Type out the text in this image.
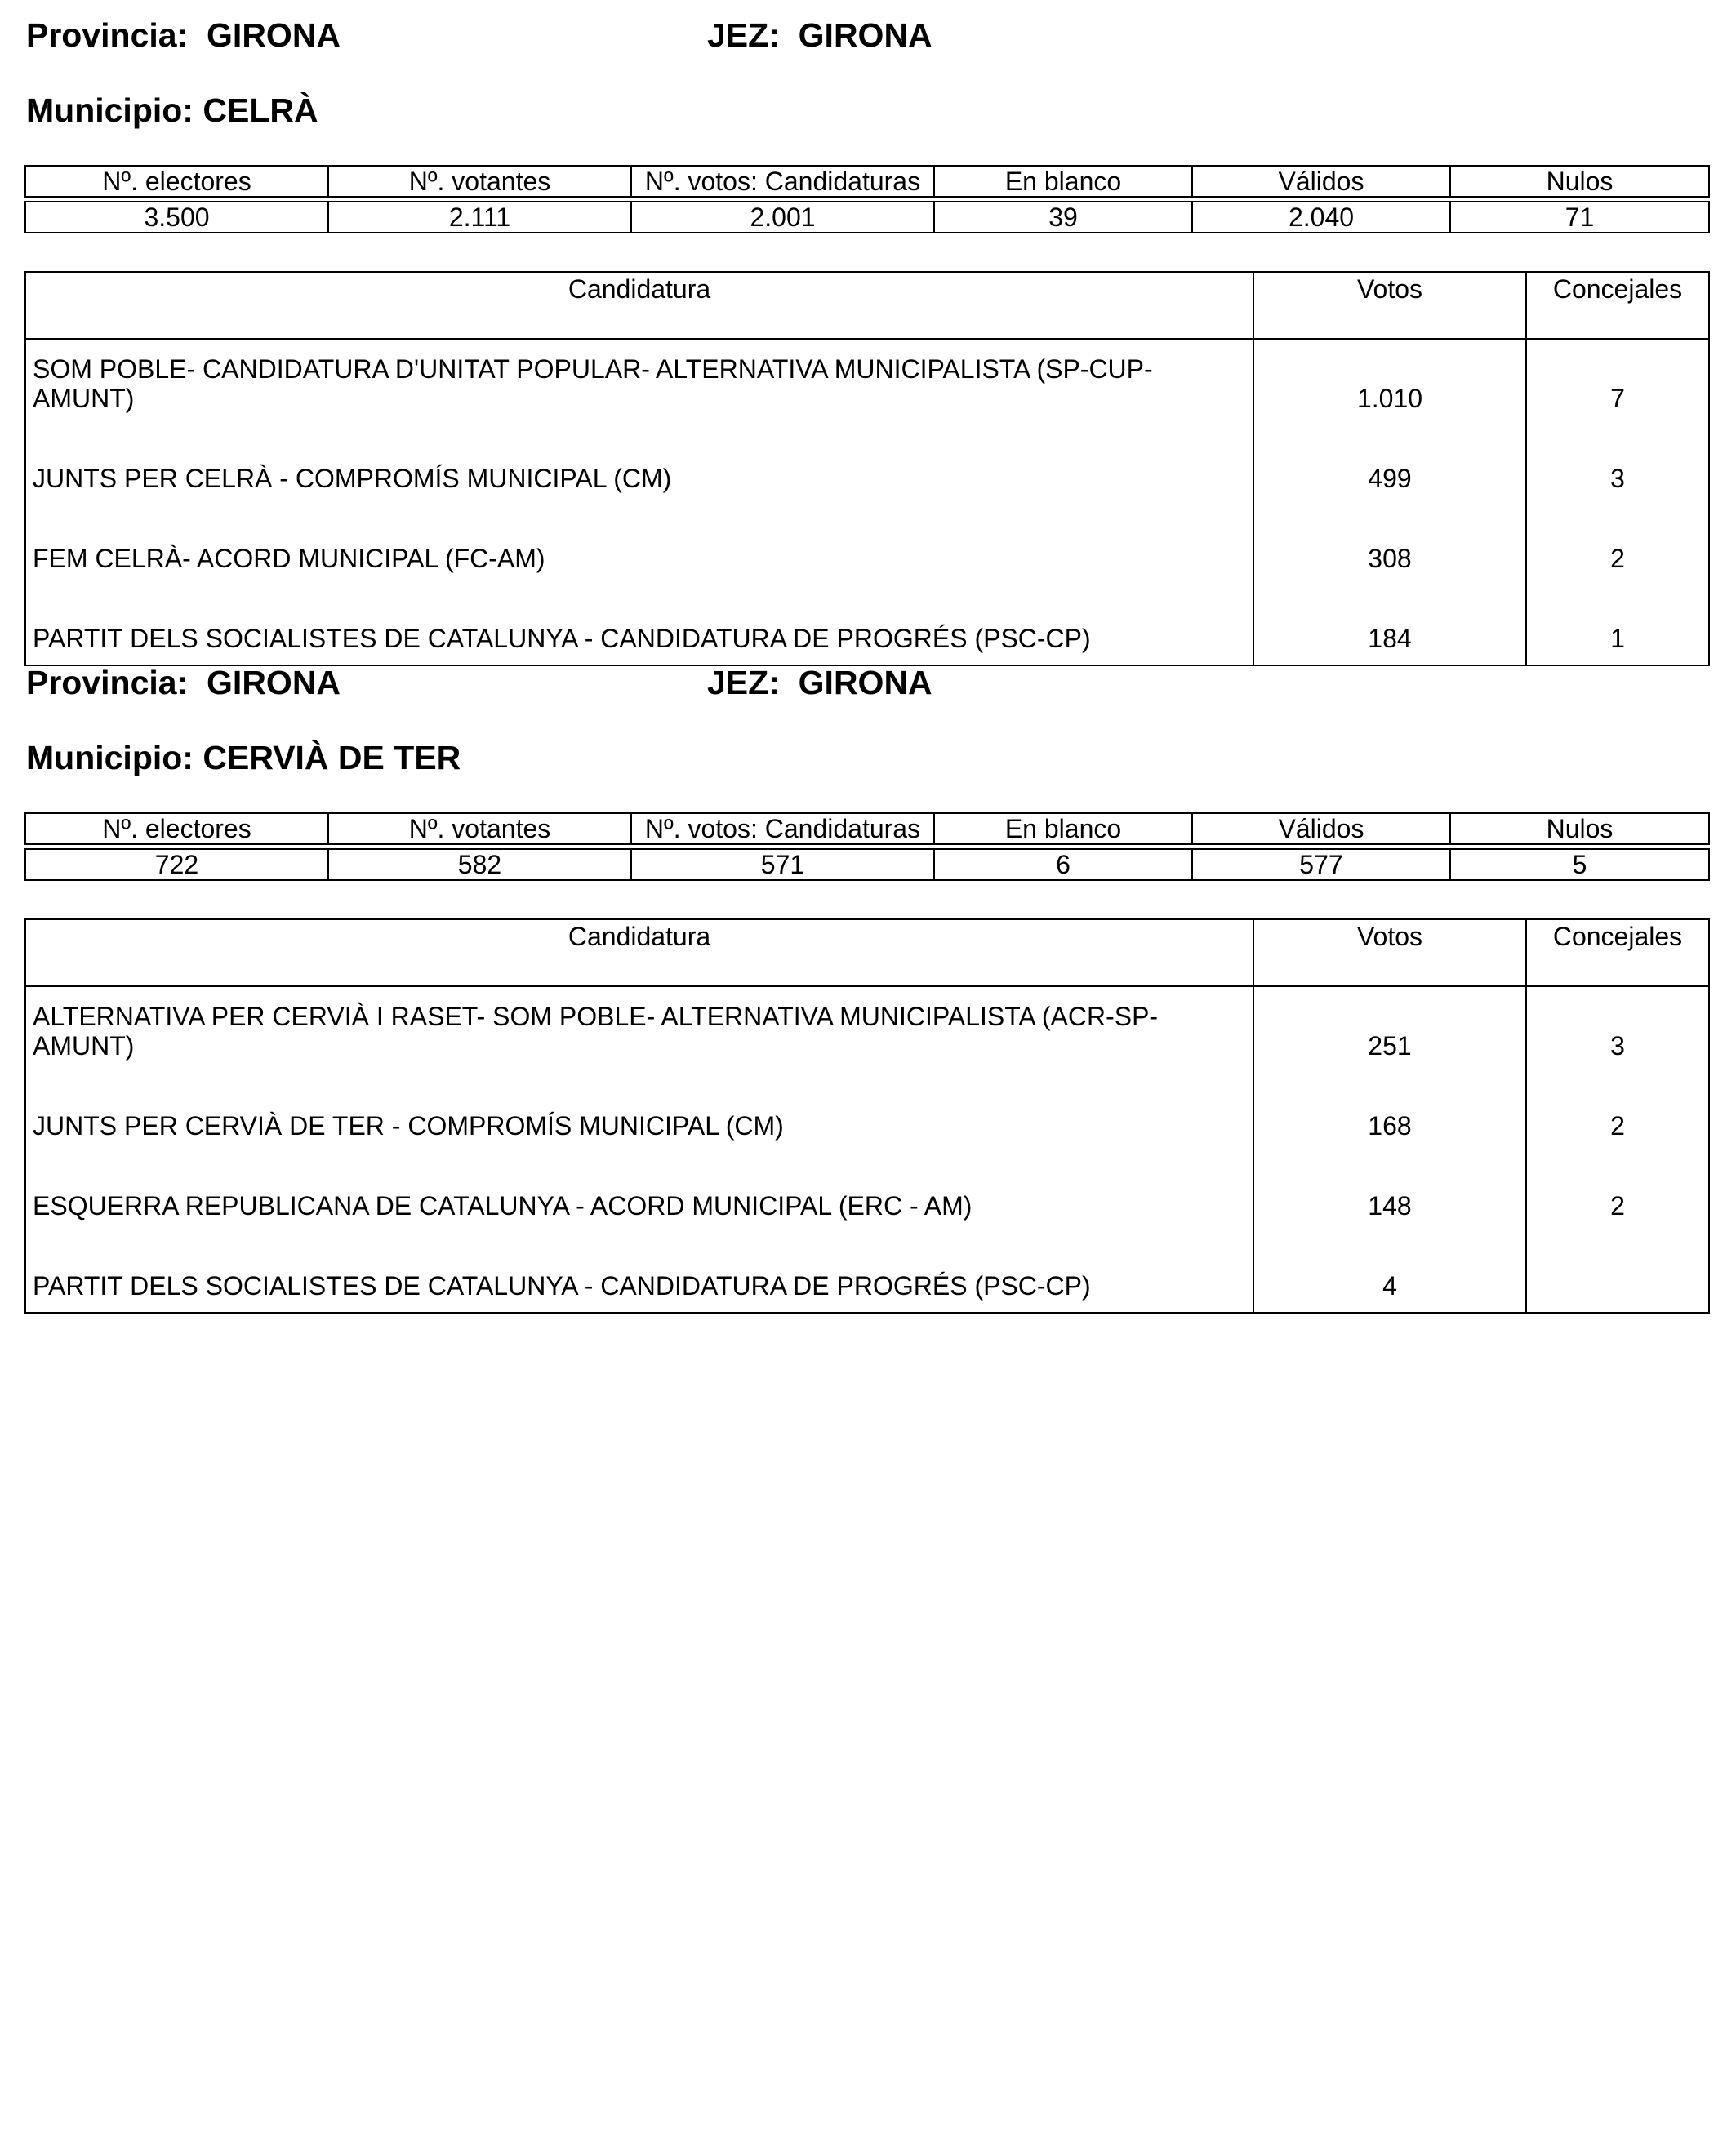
Provincia: GIRONA	JEZ: GIRONA
Municipio: CELRÀ
Nº. electores	Nº. votantes	Nº. votos: Candidaturas	En blanco	Válidos	Nulos

3.500	2.111	2.001	39	2.040	71
Candidatura	Votos	Concejales
SOM POBLE- CANDIDATURA D'UNITAT POPULAR- ALTERNATIVA MUNICIPALISTA (SP-CUP-
AMUNT)	1.010	7
JUNTS PER CELRÀ - COMPROMÍS MUNICIPAL (CM)	499	3
FEM CELRÀ- ACORD MUNICIPAL (FC-AM)	308	2
PARTIT DELS SOCIALISTES DE CATALUNYA - CANDIDATURA DE PROGRÉS (PSC-CP)	184	1
Provincia: GIRONA	JEZ: GIRONA
Municipio: CERVIÀ DE TER
Nº. electores	Nº. votantes	Nº. votos: Candidaturas	En blanco	Válidos	Nulos

722	582	571	6	577	5
Candidatura	Votos	Concejales
ALTERNATIVA PER CERVIÀ I RASET- SOM POBLE- ALTERNATIVA MUNICIPALISTA (ACR-SP-
AMUNT)	251	3
JUNTS PER CERVIÀ DE TER - COMPROMÍS MUNICIPAL (CM)	168	2
ESQUERRA REPUBLICANA DE CATALUNYA - ACORD MUNICIPAL (ERC - AM)	148	2
PARTIT DELS SOCIALISTES DE CATALUNYA - CANDIDATURA DE PROGRÉS (PSC-CP)	4	
